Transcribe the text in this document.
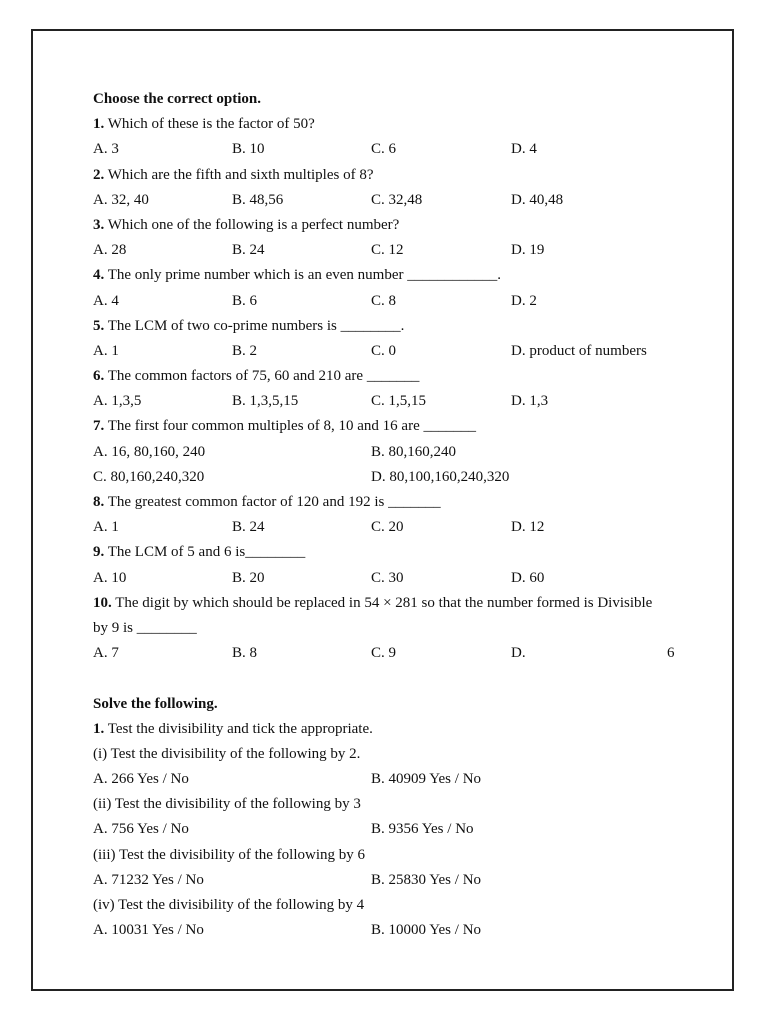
Choose the correct option.
1. Which of these is the factor of 50?
A. 3	B. 10	C. 6	D. 4
2. Which are the fifth and sixth multiples of 8?
A. 32, 40	B. 48,56	C. 32,48	D. 40,48
3. Which one of the following is a perfect number?
A. 28	B. 24	C. 12	D. 19
4. The only prime number which is an even number ____________.
A. 4	B. 6	C. 8	D. 2
5. The LCM of two co-prime numbers is ________.
A. 1	B. 2	C. 0	D. product of numbers
6. The common factors of 75, 60 and 210 are _______
A. 1,3,5	B. 1,3,5,15	C. 1,5,15	D. 1,3
7. The first four common multiples of 8, 10 and 16 are _______
A. 16, 80,160, 240	B. 80,160,240
C. 80,160,240,320	D. 80,100,160,240,320
8. The greatest common factor of 120 and 192 is _______
A. 1	B. 24	C. 20	D. 12
9. The LCM of 5 and 6 is________
A. 10	B. 20	C. 30	D. 60
10. The digit by which should be replaced in 54 × 281 so that the number formed is Divisible
by 9 is ________
A. 7	B. 8	C. 9	D.	6
Solve the following.
1. Test the divisibility and tick the appropriate.
(i) Test the divisibility of the following by 2.
A. 266 Yes / No	B. 40909 Yes / No
(ii) Test the divisibility of the following by 3
A. 756 Yes / No	B. 9356 Yes / No
(iii) Test the divisibility of the following by 6
A. 71232 Yes / No	B. 25830 Yes / No
(iv) Test the divisibility of the following by 4
A. 10031 Yes / No	B. 10000 Yes / No
